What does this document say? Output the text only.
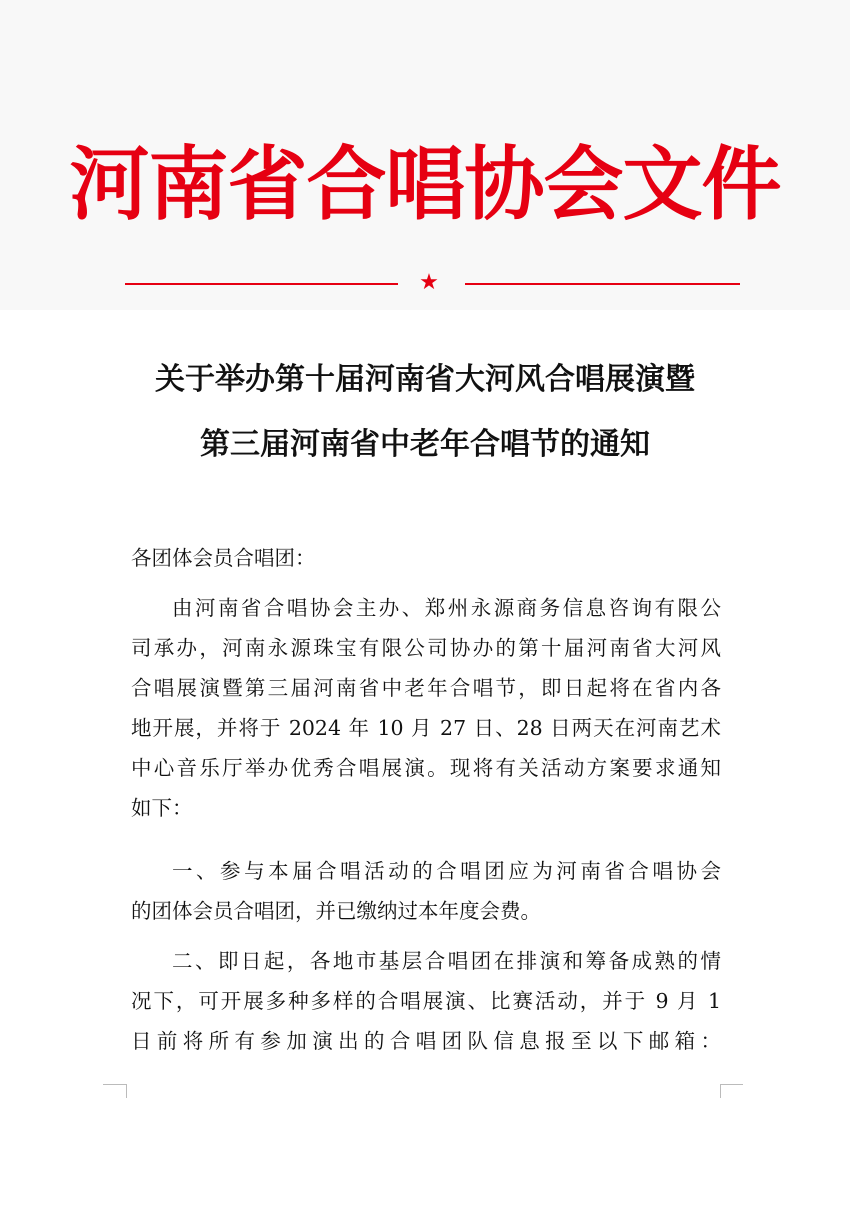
河南省合唱协会文件
★
关于举办第十届河南省大河风合唱展演暨
第三届河南省中老年合唱节的通知
各团体会员合唱团：
由河南省合唱协会主办、郑州永源商务信息咨询有限公
司承办，河南永源珠宝有限公司协办的第十届河南省大河风
合唱展演暨第三届河南省中老年合唱节，即日起将在省内各
地开展，并将于 2024 年 10 月 27 日、28 日两天在河南艺术
中心音乐厅举办优秀合唱展演。现将有关活动方案要求通知
如下：
一、参与本届合唱活动的合唱团应为河南省合唱协会
的团体会员合唱团，并已缴纳过本年度会费。
二、即日起，各地市基层合唱团在排演和筹备成熟的情
况下，可开展多种多样的合唱展演、比赛活动，并于 9 月 1
日前将所有参加演出的合唱团队信息报至以下邮箱：
